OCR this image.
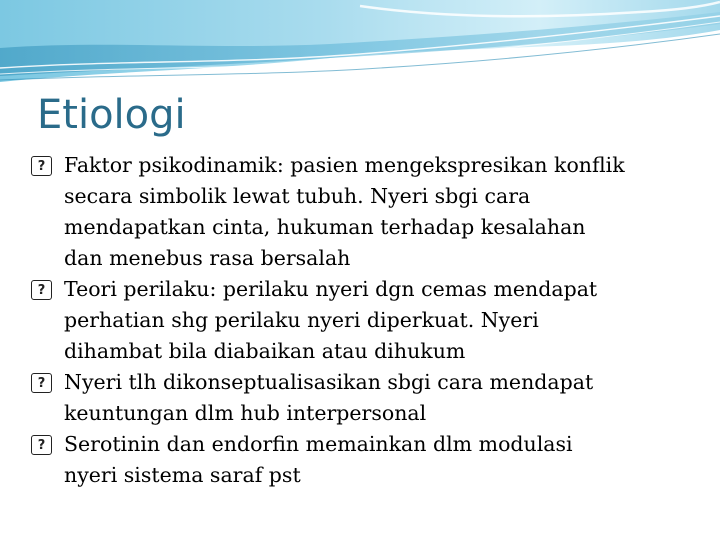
Etiologi
? Faktor psikodinamik: pasien mengekspresikan konflik
secara simbolik lewat tubuh. Nyeri sbgi cara
mendapatkan cinta, hukuman terhadap kesalahan
dan menebus rasa bersalah
? Teori perilaku: perilaku nyeri dgn cemas mendapat
perhatian shg perilaku nyeri diperkuat. Nyeri
dihambat bila diabaikan atau dihukum
? Nyeri tlh dikonseptualisasikan sbgi cara mendapat
keuntungan dlm hub interpersonal
? Serotinin dan endorfin memainkan dlm modulasi
nyeri sistema saraf pst
